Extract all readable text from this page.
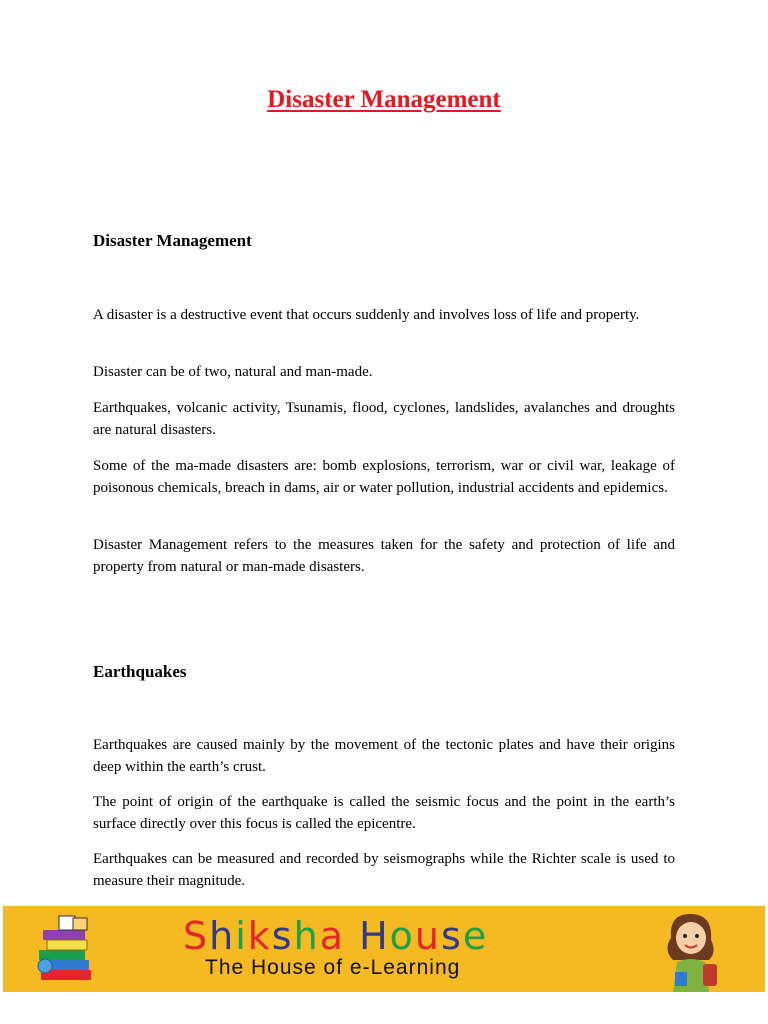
Disaster Management
Disaster Management
A disaster is a destructive event that occurs suddenly and involves loss of life and property.
Disaster can be of two, natural and man-made.
Earthquakes, volcanic activity, Tsunamis, flood, cyclones, landslides, avalanches and droughts are natural disasters.
Some of the ma-made disasters are: bomb explosions, terrorism, war or civil war, leakage of poisonous chemicals, breach in dams, air or water pollution, industrial accidents and epidemics.
Disaster Management refers to the measures taken for the safety and protection of life and property from natural or man-made disasters.
Earthquakes
Earthquakes are caused mainly by the movement of the tectonic plates and have their origins deep within the earth’s crust.
The point of origin of the earthquake is called the seismic focus and the point in the earth’s surface directly over this focus is called the epicentre.
Earthquakes can be measured and recorded by seismographs while the Richter scale is used to measure their magnitude.
Shiksha House
The House of e-Learning
